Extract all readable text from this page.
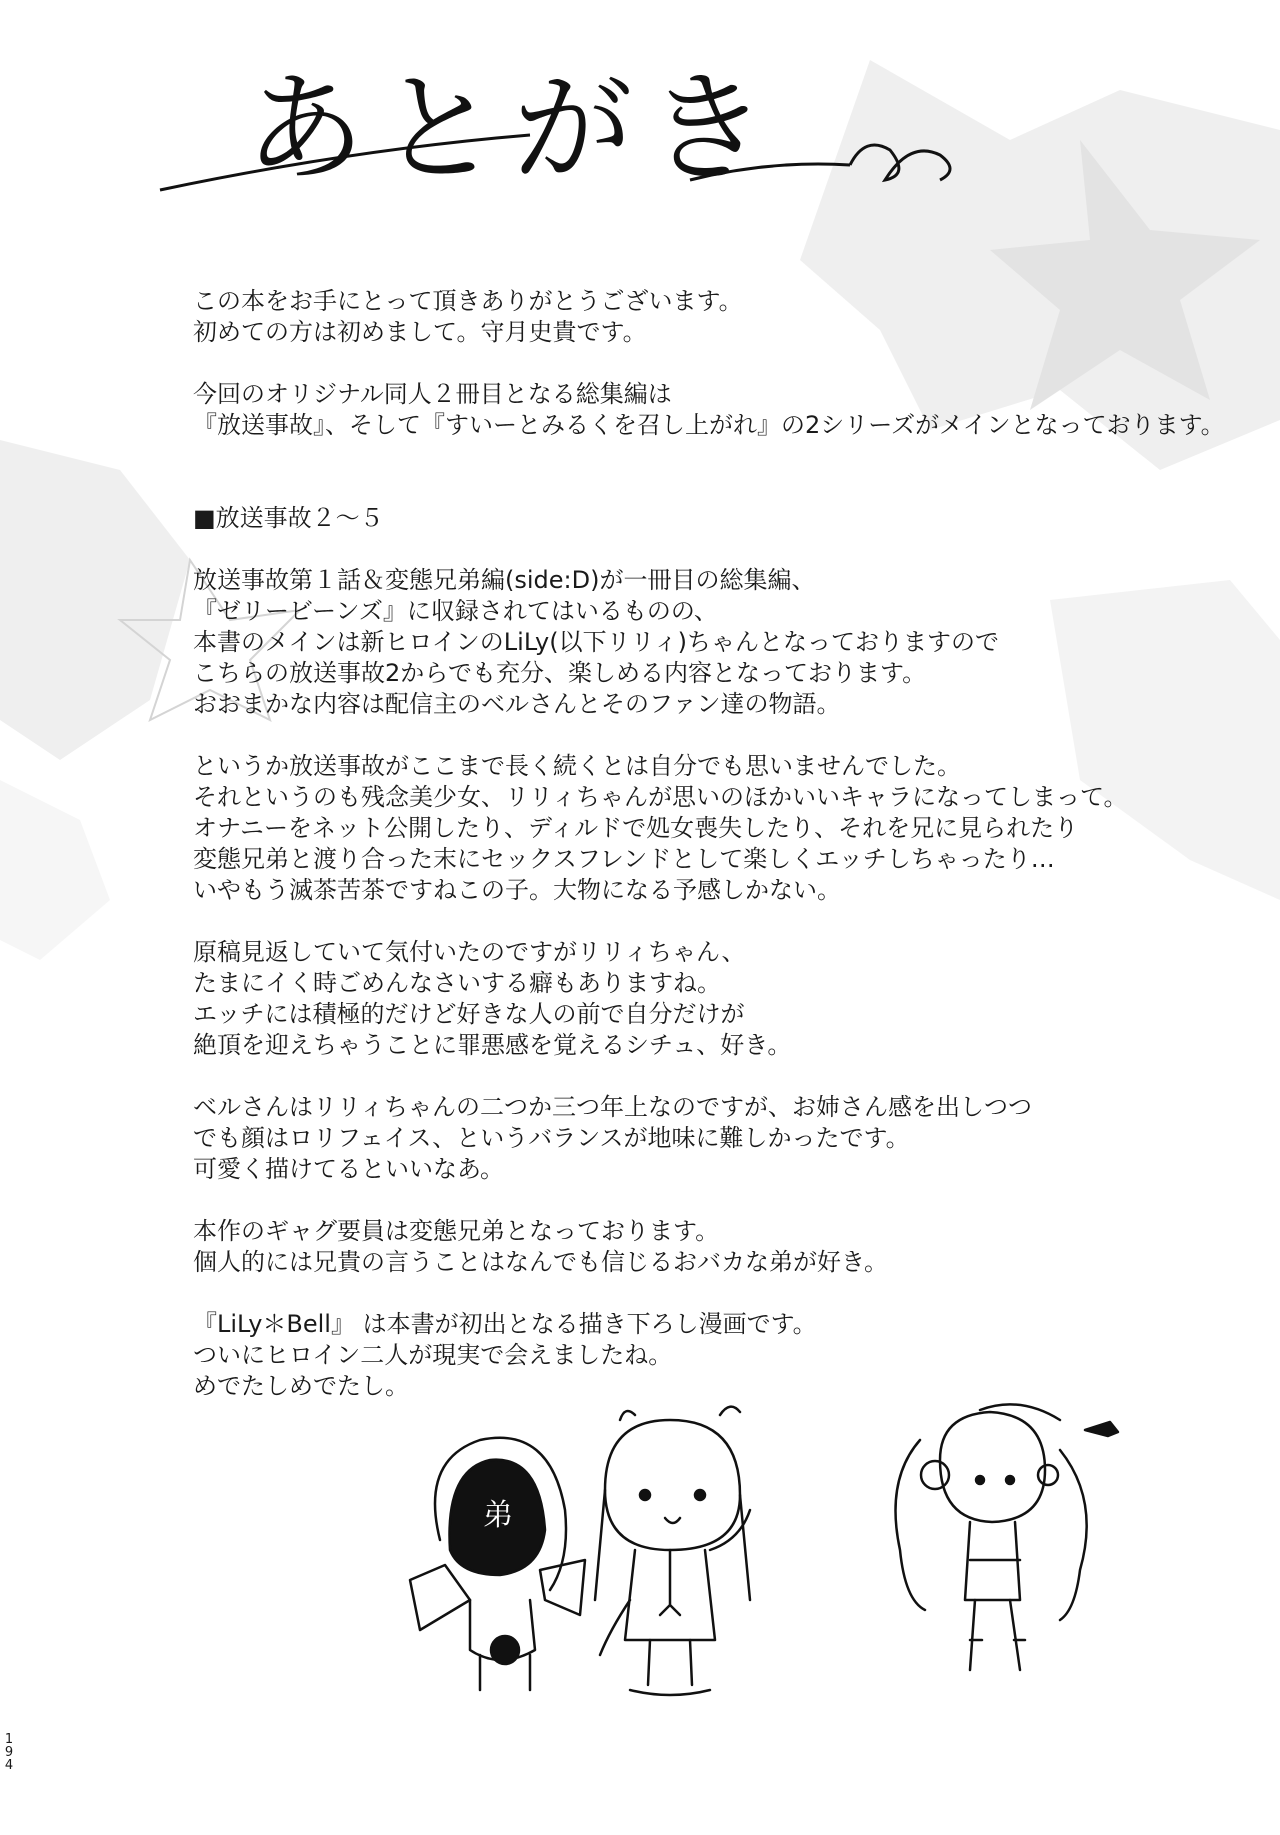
あとがき
この本をお手にとって頂きありがとうございます。
初めての方は初めまして。守月史貴です。
今回のオリジナル同人２冊目となる総集編は
『放送事故』、そして『すいーとみるくを召し上がれ』の2シリーズがメインとなっております。
■放送事故２～５
放送事故第１話＆変態兄弟編(side:D)が一冊目の総集編、
『ゼリービーンズ』に収録されてはいるものの、
本書のメインは新ヒロインのLiLy(以下リリィ)ちゃんとなっておりますので
こちらの放送事故2からでも充分、楽しめる内容となっております。
おおまかな内容は配信主のベルさんとそのファン達の物語。
というか放送事故がここまで長く続くとは自分でも思いませんでした。
それというのも残念美少女、リリィちゃんが思いのほかいいキャラになってしまって。
オナニーをネット公開したり、ディルドで処女喪失したり、それを兄に見られたり
変態兄弟と渡り合った末にセックスフレンドとして楽しくエッチしちゃったり…
いやもう滅茶苦茶ですねこの子。大物になる予感しかない。
原稿見返していて気付いたのですがリリィちゃん、
たまにイく時ごめんなさいする癖もありますね。
エッチには積極的だけど好きな人の前で自分だけが
絶頂を迎えちゃうことに罪悪感を覚えるシチュ、好き。
ベルさんはリリィちゃんの二つか三つ年上なのですが、お姉さん感を出しつつ
でも顔はロリフェイス、というバランスが地味に難しかったです。
可愛く描けてるといいなあ。
本作のギャグ要員は変態兄弟となっております。
個人的には兄貴の言うことはなんでも信じるおバカな弟が好き。
『LiLy＊Bell』 は本書が初出となる描き下ろし漫画です。
ついにヒロイン二人が現実で会えましたね。
めでたしめでたし。
弟
1
9
4
